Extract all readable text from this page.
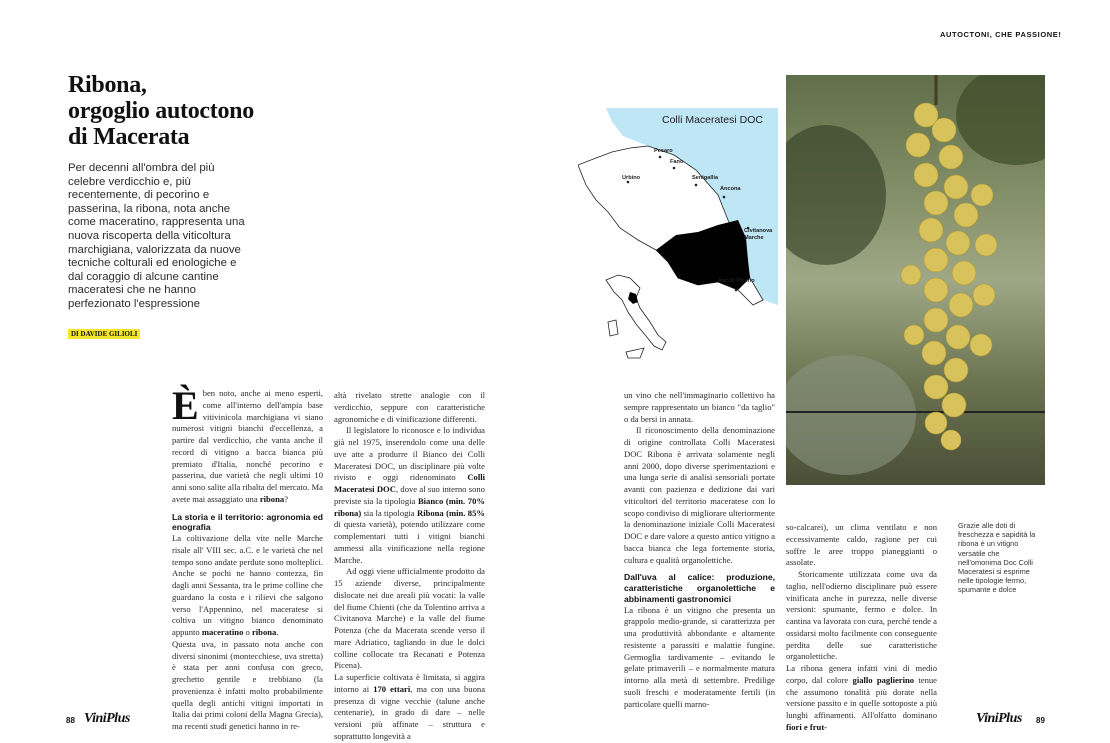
AUTOCTONI, CHE PASSIONE!
Ribona,
orgoglio autoctono
di Macerata
Per decenni all'ombra del più celebre verdicchio e, più recentemente, di pecorino e passerina, la ribona, nota anche come maceratino, rappresenta una nuova riscoperta della viticoltura marchigiana, valorizzata da nuove tecniche colturali ed enologiche e dal coraggio di alcune cantine maceratesi che ne hanno perfezionato l'espressione
DI DAVIDE GILIOLI
Colli Maceratesi DOC
Pesaro
Fano
Urbino	Senigallia
Ancona
Civitanova Marche
Ascoli Piceno
Grazie alle doti di freschezza e sapidità la ribona è un vitigno versatile che nell'omonima Doc Colli Maceratesi si esprime nelle tipologie fermo, spumante e dolce

È ben noto, anche ai meno esperti, come all'interno dell'ampia base vitivinicola marchigiana vi siano numerosi vitigni bianchi d'eccellenza, a partire dal verdicchio, che vanta anche il record di vitigno a bacca bianca più premiato d'Italia, nonché pecorino e passerina, due varietà che negli ultimi 10 anni sono salite alla ribalta del mercato. Ma avete mai assaggiato una ribona?

La storia e il territorio: agronomia ed enografia

La coltivazione della vite nelle Marche risale all' VIII sec. a.C. e le varietà che nel tempo sono andate perdute sono molteplici. Anche se pochi ne hanno contezza, fin dagli anni Sessanta, tra le prime colline che guardano la costa e i rilievi che salgono verso l'Appennino, nel maceratese si coltiva un vitigno bianco denominato appunto maceratino o ribona.

Questa uva, in passato nota anche con diversi sinonimi (montecchiese, uva stretta) è stata per anni confusa con greco, grechetto gentile e trebbiano (la provenienza è infatti molto probabilmente quella degli antichi vitigni importati in Italia dai primi coloni della Magna Grecia), ma recenti studi genetici hanno in re-

altà rivelato strette analogie con il verdicchio, seppure con caratteristiche agronomiche e di vinificazione differenti.

Il legislatore lo riconosce e lo individua già nel 1975, inserendolo come una delle uve atte a produrre il Bianco dei Colli Maceratesi DOC, un disciplinare più volte rivisto e oggi ridenominato Colli Maceratesi DOC, dove al suo interno sono previste sia la tipologia Bianco (min. 70% ribona) sia la tipologia Ribona (min. 85% di questa varietà), potendo utilizzare come complementari tutti i vitigni bianchi ammessi alla vinificazione nella regione Marche.

Ad oggi viene ufficialmente prodotto da 15 aziende diverse, principalmente dislocate nei due areali più vocati: la valle del fiume Chienti (che da Tolentino arriva a Civitanova Marche) e la valle del fiume Potenza (che da Macerata scende verso il mare Adriatico, tagliando in due le dolci colline collocate tra Recanati e Potenza Picena).

La superficie coltivata è limitata, si aggira intorno ai 170 ettari, ma con una buona presenza di vigne vecchie (talune anche centenarie), in grado di dare – nelle versioni più affinate – struttura e soprattutto longevità a

un vino che nell'immaginario collettivo ha sempre rappresentato un bianco "da taglio" o da bersi in annata.

Il riconoscimento della denominazione di origine controllata Colli Maceratesi DOC Ribona è arrivata solamente negli anni 2000, dopo diverse sperimentazioni e una lunga serie di analisi sensoriali portate avanti con pazienza e dedizione dai vari viticoltori del territorio maceratese con lo scopo condiviso di migliorare ulteriormente la denominazione iniziale Colli Maceratesi DOC e dare valore a questo antico vitigno a bacca bianca che lega fortemente storia, cultura e qualità organolettiche.

Dall'uva al calice: produzione, caratteristiche organolettiche e abbinamenti gastronomici

La ribona è un vitigno che presenta un grappolo medio-grande, si caratterizza per una produttività abbondante e altamente resistente a parassiti e malattie fungine. Germoglia tardivamente – evitando le gelate primaverili – e normalmente matura intorno alla metà di settembre. Predilige suoli freschi e moderatamente fertili (in particolare quelli marno-

so-calcarei), un clima ventilato e non eccessivamente caldo, ragione per cui soffre le aree troppo pianeggianti o assolate.

Storicamente utilizzata come uva da taglio, nell'odierno disciplinare può essere vinificata anche in purezza, nelle diverse versioni: spumante, fermo e dolce. In cantina va lavorata con cura, perché tende a ossidarsi molto facilmente con conseguente perdita delle sue caratteristiche organolettiche.

La ribona genera infatti vini di medio corpo, dal colore giallo paglierino tenue che assumono tonalità più dorate nella versione passito e in quelle sottoposte a più lunghi affinamenti. All'olfatto dominano fiori e frut-

88 ViniPlus	ViniPlus 89
